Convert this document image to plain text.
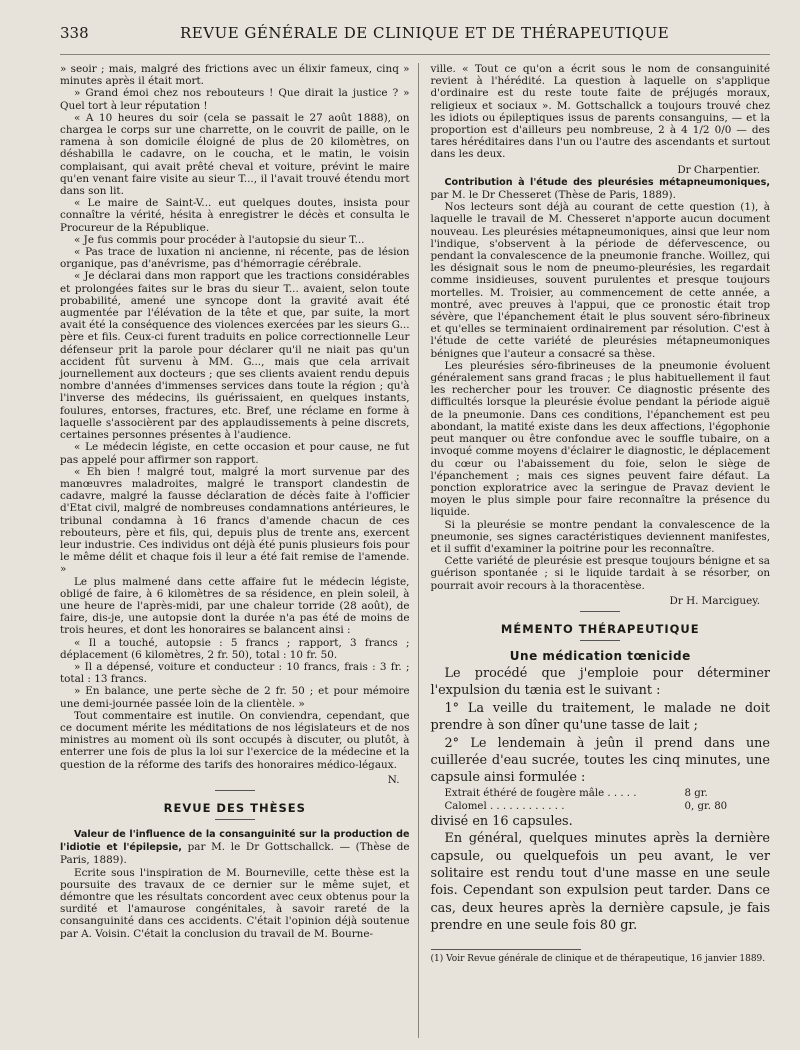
338	REVUE GÉNÉRALE DE CLINIQUE ET DE THÉRAPEUTIQUE

» seoir ; mais, malgré des frictions avec un élixir fameux, cinq » minutes après il était mort.

» Grand émoi chez nos rebouteurs ! Que dirait la justice ? » Quel tort à leur réputation !

« A 10 heures du soir (cela se passait le 27 août 1888), on chargea le corps sur une charrette, on le couvrit de paille, on le ramena à son domicile éloigné de plus de 20 kilomètres, on déshabilla le cadavre, on le coucha, et le matin, le voisin complaisant, qui avait prêté cheval et voiture, prévint le maire qu'en venant faire visite au sieur T..., il l'avait trouvé étendu mort dans son lit.

« Le maire de Saint-V... eut quelques doutes, insista pour connaître la vérité, hésita à enregistrer le décès et consulta le Procureur de la République.

« Je fus commis pour procéder à l'autopsie du sieur T...

« Pas trace de luxation ni ancienne, ni récente, pas de lésion organique, pas d'anévrisme, pas d'hémorragie cérébrale.

« Je déclarai dans mon rapport que les tractions considérables et prolongées faites sur le bras du sieur T... avaient, selon toute probabilité, amené une syncope dont la gravité avait été augmentée par l'élévation de la tête et que, par suite, la mort avait été la conséquence des violences exercées par les sieurs G... père et fils. Ceux-ci furent traduits en police correctionnelle Leur défenseur prit la parole pour déclarer qu'il ne niait pas qu'un accident fût survenu à MM. G..., mais que cela arrivait journellement aux docteurs ; que ses clients avaient rendu depuis nombre d'années d'immenses services dans toute la région ; qu'à l'inverse des médecins, ils guérissaient, en quelques instants, foulures, entorses, fractures, etc. Bref, une réclame en forme à laquelle s'associèrent par des applaudissements à peine discrets, certaines personnes présentes à l'audience.

« Le médecin légiste, en cette occasion et pour cause, ne fut pas appelé pour affirmer son rapport.

« Eh bien ! malgré tout, malgré la mort survenue par des manœuvres maladroites, malgré le transport clandestin de cadavre, malgré la fausse déclaration de décès faite à l'officier d'Etat civil, malgré de nombreuses condamnations antérieures, le tribunal condamna à 16 francs d'amende chacun de ces rebouteurs, père et fils, qui, depuis plus de trente ans, exercent leur industrie. Ces individus ont déjà été punis plusieurs fois pour le même délit et chaque fois il leur a été fait remise de l'amende. »

Le plus malmené dans cette affaire fut le médecin légiste, obligé de faire, à 6 kilomètres de sa résidence, en plein soleil, à une heure de l'après-midi, par une chaleur torride (28 août), de faire, dis-je, une autopsie dont la durée n'a pas été de moins de trois heures, et dont les honoraires se balancent ainsi :

« Il a touché, autopsie : 5 francs ; rapport, 3 francs ; déplacement (6 kilomètres, 2 fr. 50), total : 10 fr. 50.

» Il a dépensé, voiture et conducteur : 10 francs, frais : 3 fr. ; total : 13 francs.

» En balance, une perte sèche de 2 fr. 50 ; et pour mémoire une demi-journée passée loin de la clientèle. »

Tout commentaire est inutile. On conviendra, cependant, que ce document mérite les méditations de nos législateurs et de nos ministres au moment où ils sont occupés à discuter, ou plutôt, à enterrer une fois de plus la loi sur l'exercice de la médecine et la question de la réforme des tarifs des honoraires médico-légaux.

N.

REVUE DES THÈSES

Valeur de l'influence de la consanguinité sur la production de l'idiotie et l'épilepsie, par M. le Dr Gottschallck. — (Thèse de Paris, 1889).

Ecrite sous l'inspiration de M. Bourneville, cette thèse est la poursuite des travaux de ce dernier sur le même sujet, et démontre que les résultats concordent avec ceux obtenus pour la surdité et l'amaurose congénitales, à savoir rareté de la consanguinité dans ces accidents. C'était l'opinion déjà soutenue par A. Voisin. C'était la conclusion du travail de M. Bourne-

ville. « Tout ce qu'on a écrit sous le nom de consanguinité revient à l'hérédité. La question à laquelle on s'applique d'ordinaire est du reste toute faite de préjugés moraux, religieux et sociaux ». M. Gottschallck a toujours trouvé chez les idiots ou épileptiques issus de parents consanguins, — et la proportion est d'ailleurs peu nombreuse, 2 à 4 1/2 0/0 — des tares héréditaires dans l'un ou l'autre des ascendants et surtout dans les deux.

Dr Charpentier.

Contribution à l'étude des pleurésies métapneumoniques, par M. le Dr Chesseret (Thèse de Paris, 1889).

Nos lecteurs sont déjà au courant de cette question (1), à laquelle le travail de M. Chesseret n'apporte aucun document nouveau. Les pleurésies métapneumoniques, ainsi que leur nom l'indique, s'observent à la période de défervescence, ou pendant la convalescence de la pneumonie franche. Woillez, qui les désignait sous le nom de pneumo-pleurésies, les regardait comme insidieuses, souvent purulentes et presque toujours mortelles. M. Troisier, au commencement de cette année, a montré, avec preuves à l'appui, que ce pronostic était trop sévère, que l'épanchement était le plus souvent séro-fibrineux et qu'elles se terminaient ordinairement par résolution. C'est à l'étude de cette variété de pleurésies métapneumoniques bénignes que l'auteur a consacré sa thèse.

Les pleurésies séro-fibrineuses de la pneumonie évoluent généralement sans grand fracas ; le plus habituellement il faut les rechercher pour les trouver. Ce diagnostic présente des difficultés lorsque la pleurésie évolue pendant la période aiguë de la pneumonie. Dans ces conditions, l'épanchement est peu abondant, la matité existe dans les deux affections, l'égophonie peut manquer ou être confondue avec le souffle tubaire, on a invoqué comme moyens d'éclairer le diagnostic, le déplacement du cœur ou l'abaissement du foie, selon le siège de l'épanchement ; mais ces signes peuvent faire défaut. La ponction exploratrice avec la seringue de Pravaz devient le moyen le plus simple pour faire reconnaître la présence du liquide.

Si la pleurésie se montre pendant la convalescence de la pneumonie, ses signes caractéristiques deviennent manifestes, et il suffit d'examiner la poitrine pour les reconnaître.

Cette variété de pleurésie est presque toujours bénigne et sa guérison spontanée ; si le liquide tardait à se résorber, on pourrait avoir recours à la thoracentèse.

Dr H. Marciguey.

MÉMENTO THÉRAPEUTIQUE
Une médication tœnicide

Le procédé que j'emploie pour déterminer l'expulsion du tænia est le suivant :

1° La veille du traitement, le malade ne doit prendre à son dîner qu'une tasse de lait ;

2° Le lendemain à jeûn il prend dans une cuillerée d'eau sucrée, toutes les cinq minutes, une capsule ainsi formulée :

Extrait éthéré de fougère mâle . . . . .	8 gr.
Calomel . . . . . . . . . . . .	0, gr. 80

divisé en 16 capsules.

En général, quelques minutes après la dernière capsule, ou quelquefois un peu avant, le ver solitaire est rendu tout d'une masse en une seule fois. Cependant son expulsion peut tarder. Dans ce cas, deux heures après la dernière capsule, je fais prendre en une seule fois 80 gr.

(1) Voir Revue générale de clinique et de thérapeutique, 16 janvier 1889.
